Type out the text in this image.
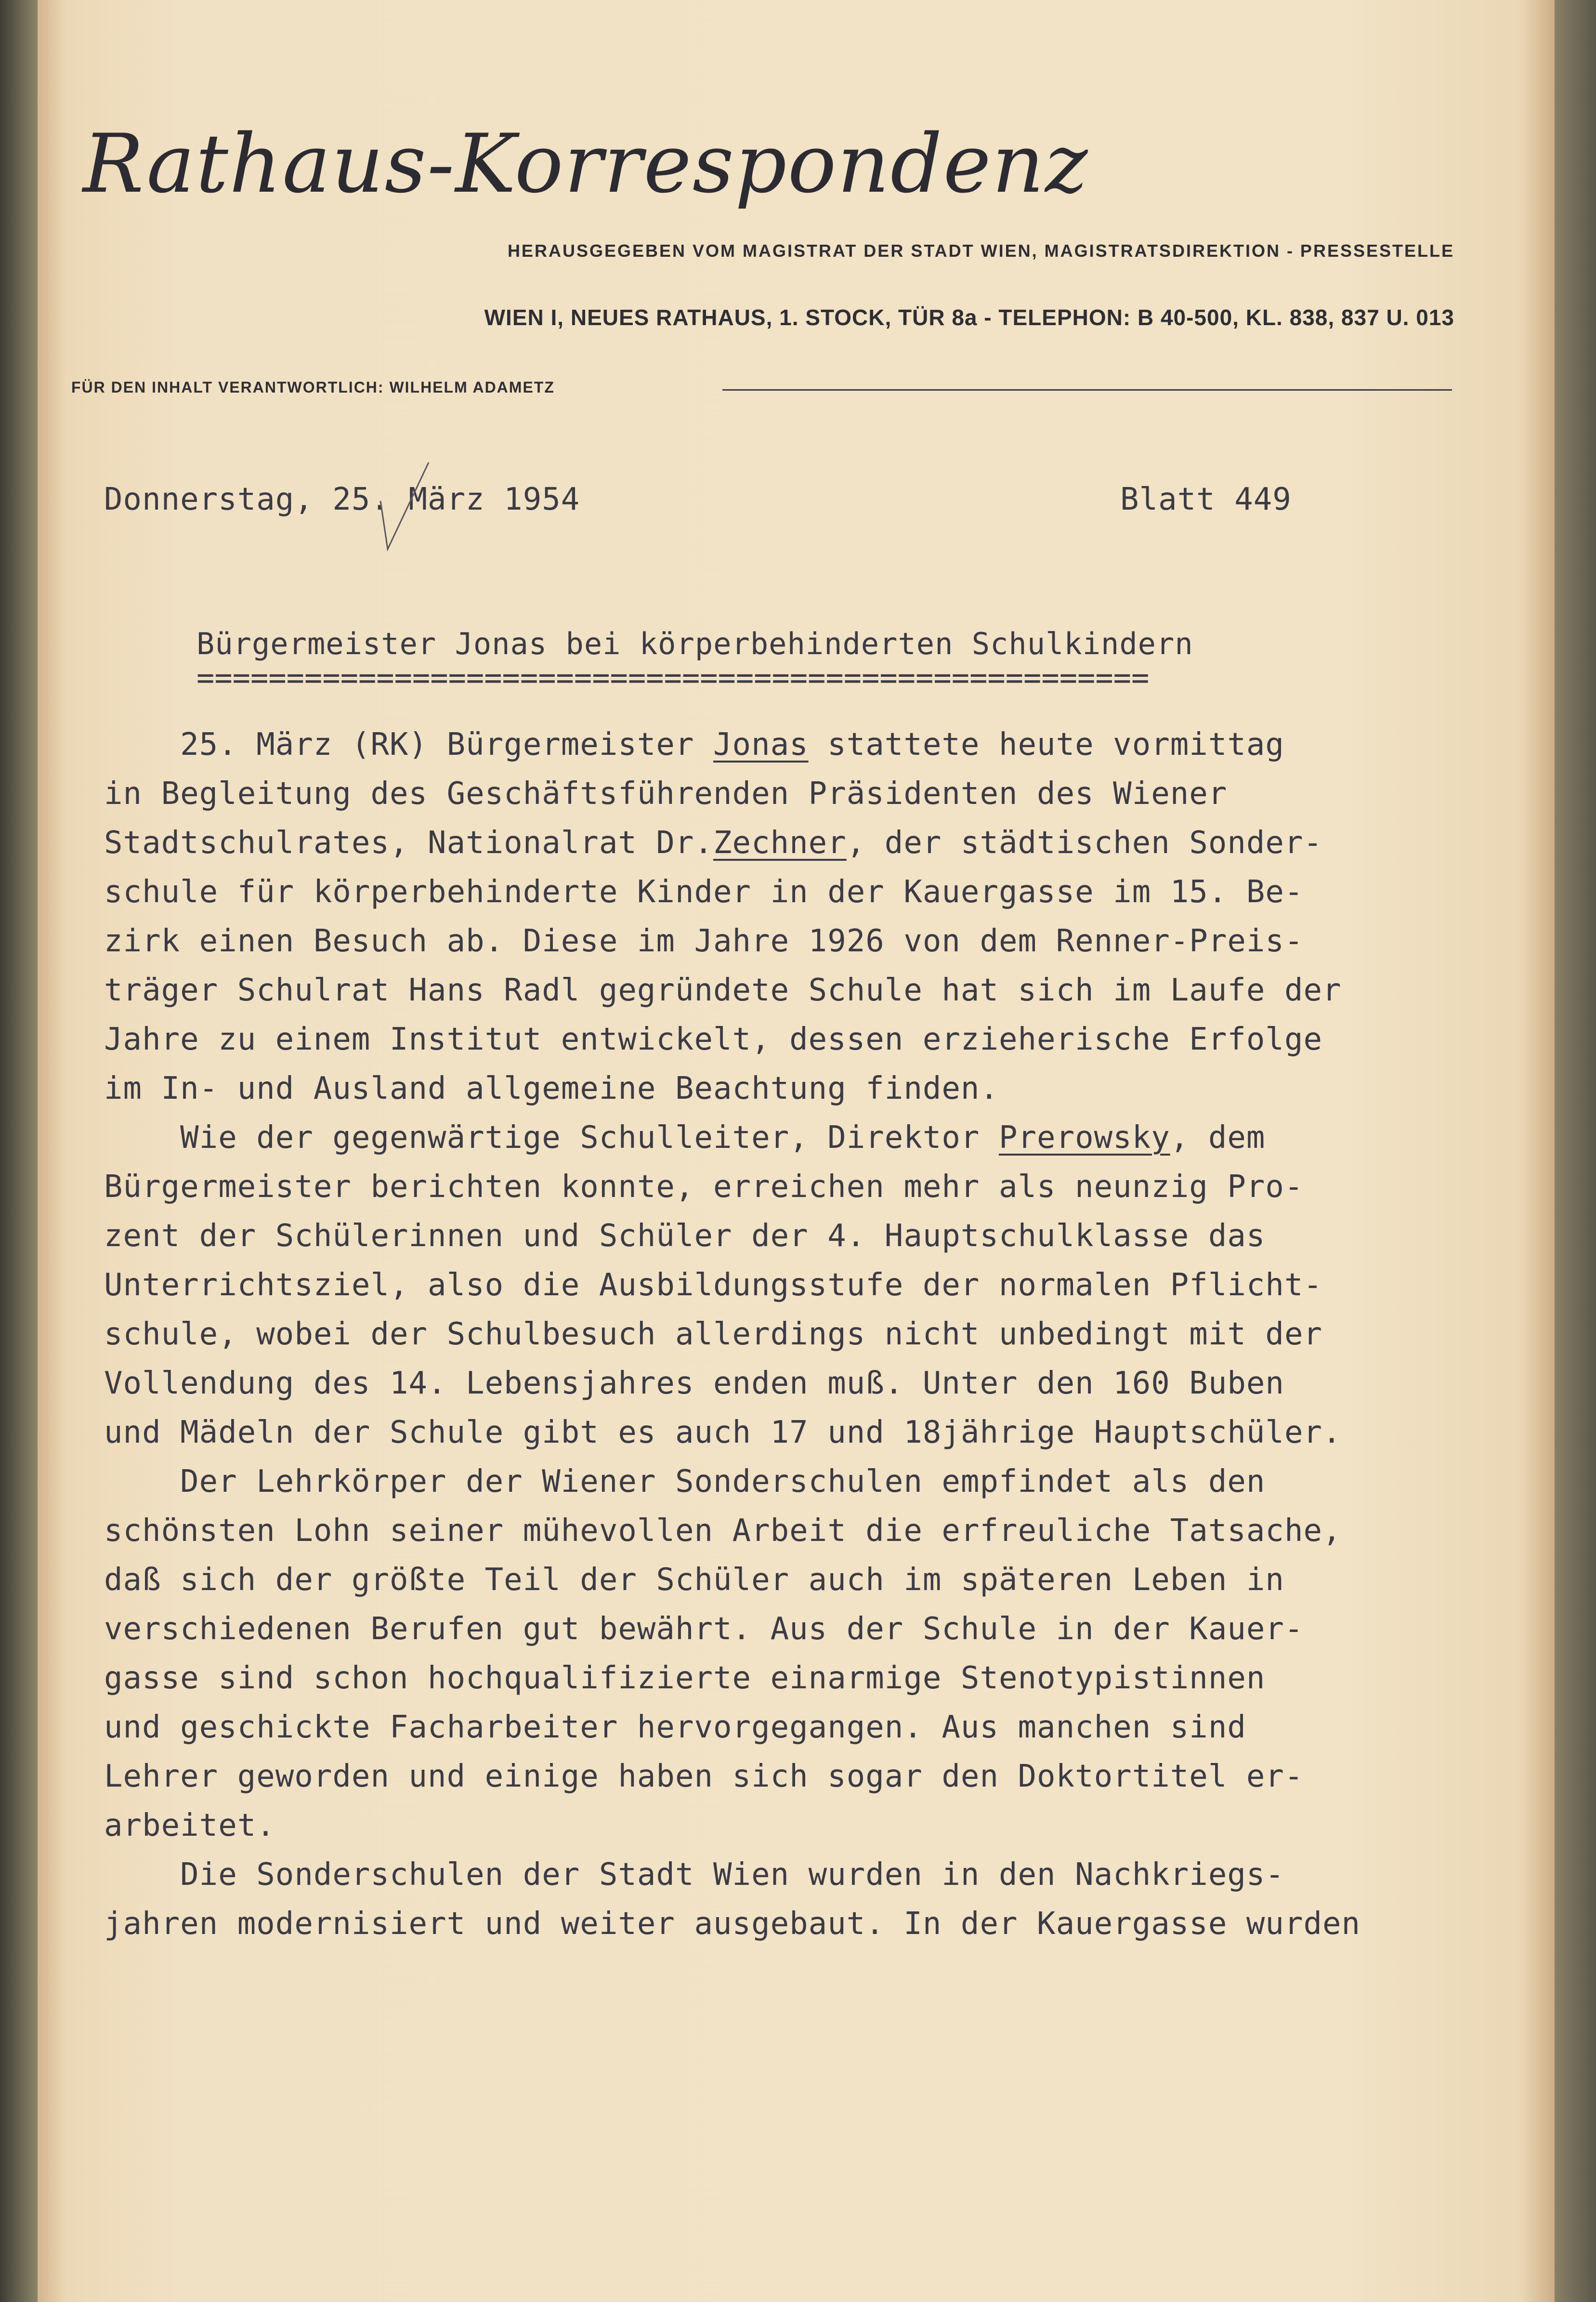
Rathaus-Korrespondenz
HERAUSGEGEBEN VOM MAGISTRAT DER STADT WIEN, MAGISTRATSDIREKTION - PRESSESTELLE
WIEN I, NEUES RATHAUS, 1. STOCK, TÜR 8a - TELEPHON: B 40-500, KL. 838, 837 U. 013
FÜR DEN INHALT VERANTWORTLICH: WILHELM ADAMETZ
Donnerstag, 25. März 1954	Blatt 449
Bürgermeister Jonas bei körperbehinderten Schulkindern
=====================================================
25. März (RK) Bürgermeister Jonas stattete heute vormittag
in Begleitung des Geschäftsführenden Präsidenten des Wiener
Stadtschulrates, Nationalrat Dr.Zechner, der städtischen Sonder-
schule für körperbehinderte Kinder in der Kauergasse im 15. Be-
zirk einen Besuch ab. Diese im Jahre 1926 von dem Renner-Preis-
träger Schulrat Hans Radl gegründete Schule hat sich im Laufe der
Jahre zu einem Institut entwickelt, dessen erzieherische Erfolge
im In- und Ausland allgemeine Beachtung finden.
Wie der gegenwärtige Schulleiter, Direktor Prerowsky, dem
Bürgermeister berichten konnte, erreichen mehr als neunzig Pro-
zent der Schülerinnen und Schüler der 4. Hauptschulklasse das
Unterrichtsziel, also die Ausbildungsstufe der normalen Pflicht-
schule, wobei der Schulbesuch allerdings nicht unbedingt mit der
Vollendung des 14. Lebensjahres enden muß. Unter den 160 Buben
und Mädeln der Schule gibt es auch 17 und 18jährige Hauptschüler.
Der Lehrkörper der Wiener Sonderschulen empfindet als den
schönsten Lohn seiner mühevollen Arbeit die erfreuliche Tatsache,
daß sich der größte Teil der Schüler auch im späteren Leben in
verschiedenen Berufen gut bewährt. Aus der Schule in der Kauer-
gasse sind schon hochqualifizierte einarmige Stenotypistinnen
und geschickte Facharbeiter hervorgegangen. Aus manchen sind
Lehrer geworden und einige haben sich sogar den Doktortitel er-
arbeitet.
Die Sonderschulen der Stadt Wien wurden in den Nachkriegs-
jahren modernisiert und weiter ausgebaut. In der Kauergasse wurden
